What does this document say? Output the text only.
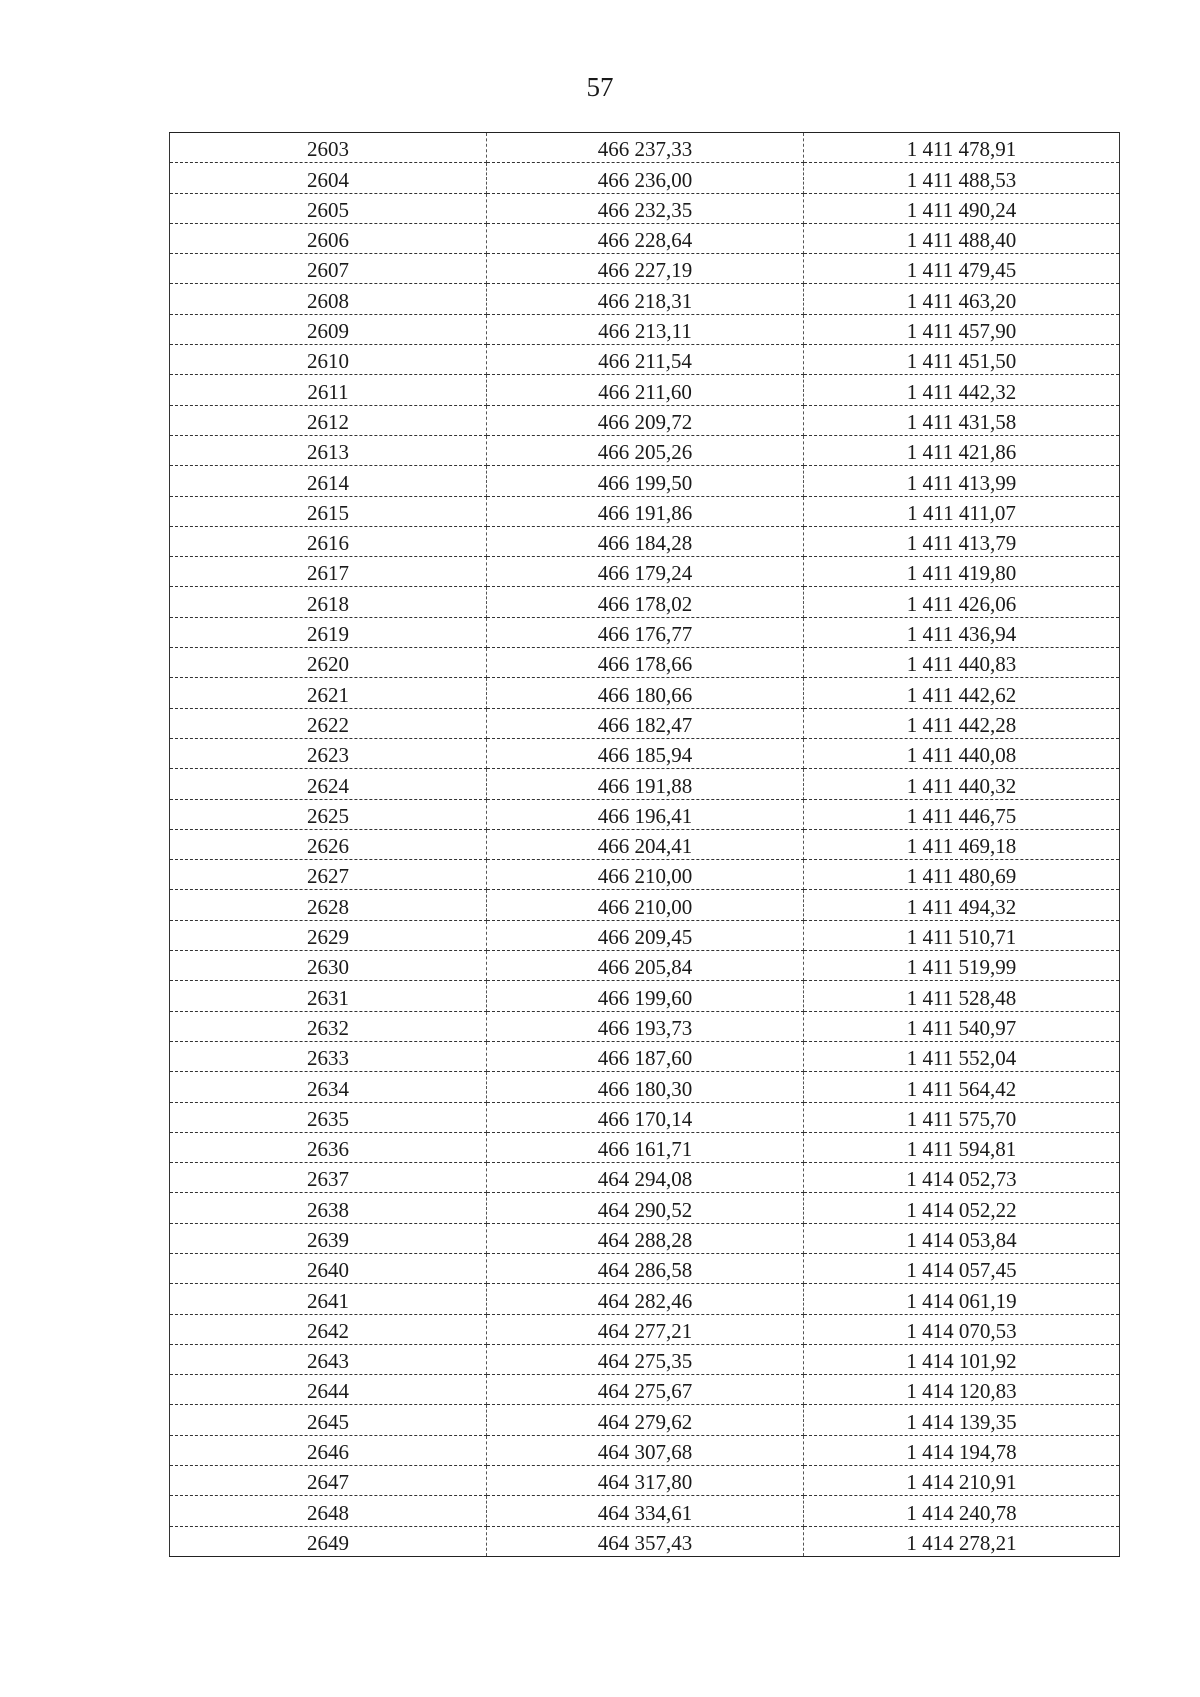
57
2603	466 237,33	1 411 478,91
2604	466 236,00	1 411 488,53
2605	466 232,35	1 411 490,24
2606	466 228,64	1 411 488,40
2607	466 227,19	1 411 479,45
2608	466 218,31	1 411 463,20
2609	466 213,11	1 411 457,90
2610	466 211,54	1 411 451,50
2611	466 211,60	1 411 442,32
2612	466 209,72	1 411 431,58
2613	466 205,26	1 411 421,86
2614	466 199,50	1 411 413,99
2615	466 191,86	1 411 411,07
2616	466 184,28	1 411 413,79
2617	466 179,24	1 411 419,80
2618	466 178,02	1 411 426,06
2619	466 176,77	1 411 436,94
2620	466 178,66	1 411 440,83
2621	466 180,66	1 411 442,62
2622	466 182,47	1 411 442,28
2623	466 185,94	1 411 440,08
2624	466 191,88	1 411 440,32
2625	466 196,41	1 411 446,75
2626	466 204,41	1 411 469,18
2627	466 210,00	1 411 480,69
2628	466 210,00	1 411 494,32
2629	466 209,45	1 411 510,71
2630	466 205,84	1 411 519,99
2631	466 199,60	1 411 528,48
2632	466 193,73	1 411 540,97
2633	466 187,60	1 411 552,04
2634	466 180,30	1 411 564,42
2635	466 170,14	1 411 575,70
2636	466 161,71	1 411 594,81
2637	464 294,08	1 414 052,73
2638	464 290,52	1 414 052,22
2639	464 288,28	1 414 053,84
2640	464 286,58	1 414 057,45
2641	464 282,46	1 414 061,19
2642	464 277,21	1 414 070,53
2643	464 275,35	1 414 101,92
2644	464 275,67	1 414 120,83
2645	464 279,62	1 414 139,35
2646	464 307,68	1 414 194,78
2647	464 317,80	1 414 210,91
2648	464 334,61	1 414 240,78
2649	464 357,43	1 414 278,21
